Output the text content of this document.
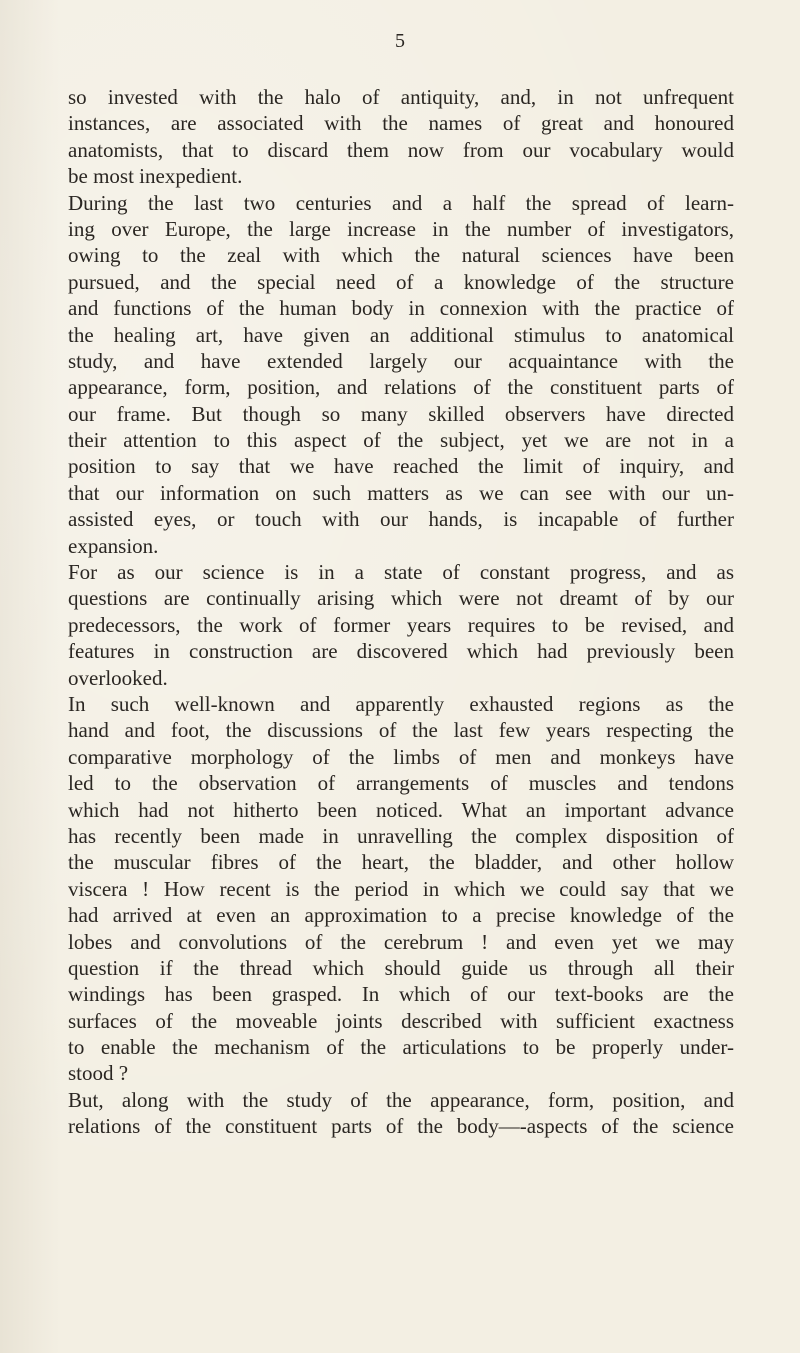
5
so invested with the halo of antiquity, and, in not unfrequent
instances, are associated with the names of great and honoured
anatomists, that to discard them now from our vocabulary would
be most inexpedient.
During the last two centuries and a half the spread of learn-
ing over Europe, the large increase in the number of investigators,
owing to the zeal with which the natural sciences have been
pursued, and the special need of a knowledge of the structure
and functions of the human body in connexion with the practice of
the healing art, have given an additional stimulus to anatomical
study, and have extended largely our acquaintance with the
appearance, form, position, and relations of the constituent parts of
our frame. But though so many skilled observers have directed
their attention to this aspect of the subject, yet we are not in a
position to say that we have reached the limit of inquiry, and
that our information on such matters as we can see with our un-
assisted eyes, or touch with our hands, is incapable of further
expansion.
For as our science is in a state of constant progress, and as
questions are continually arising which were not dreamt of by our
predecessors, the work of former years requires to be revised, and
features in construction are discovered which had previously been
overlooked.
In such well-known and apparently exhausted regions as the
hand and foot, the discussions of the last few years respecting the
comparative morphology of the limbs of men and monkeys have
led to the observation of arrangements of muscles and tendons
which had not hitherto been noticed. What an important advance
has recently been made in unravelling the complex disposition of
the muscular fibres of the heart, the bladder, and other hollow
viscera ! How recent is the period in which we could say that we
had arrived at even an approximation to a precise knowledge of the
lobes and convolutions of the cerebrum ! and even yet we may
question if the thread which should guide us through all their
windings has been grasped. In which of our text-books are the
surfaces of the moveable joints described with sufficient exactness
to enable the mechanism of the articulations to be properly under-
stood ?
But, along with the study of the appearance, form, position, and
relations of the constituent parts of the body—-aspects of the science
